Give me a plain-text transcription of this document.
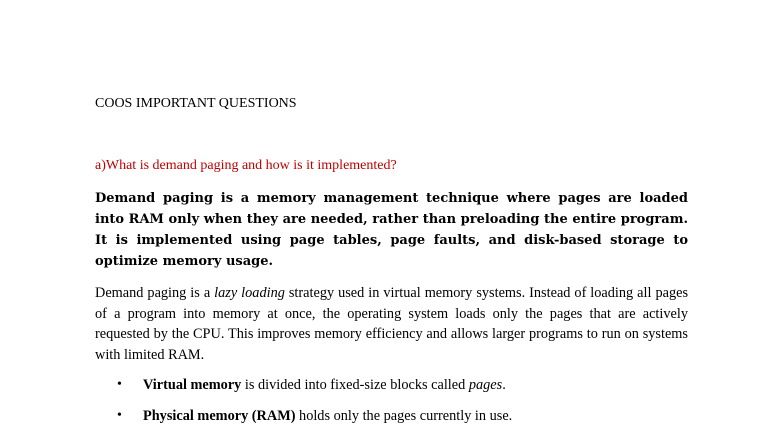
COOS IMPORTANT QUESTIONS
a)What is demand paging and how is it implemented?

Demand paging is a memory management technique where pages are loaded into RAM only when they are needed, rather than preloading the entire program. It is implemented using page tables, page faults, and disk-based storage to optimize memory usage.

Demand paging is a lazy loading strategy used in virtual memory systems. Instead of loading all pages of a program into memory at once, the operating system loads only the pages that are actively requested by the CPU. This improves memory efficiency and allows larger programs to run on systems with limited RAM.

• Virtual memory is divided into fixed-size blocks called pages.
• Physical memory (RAM) holds only the pages currently in use.
